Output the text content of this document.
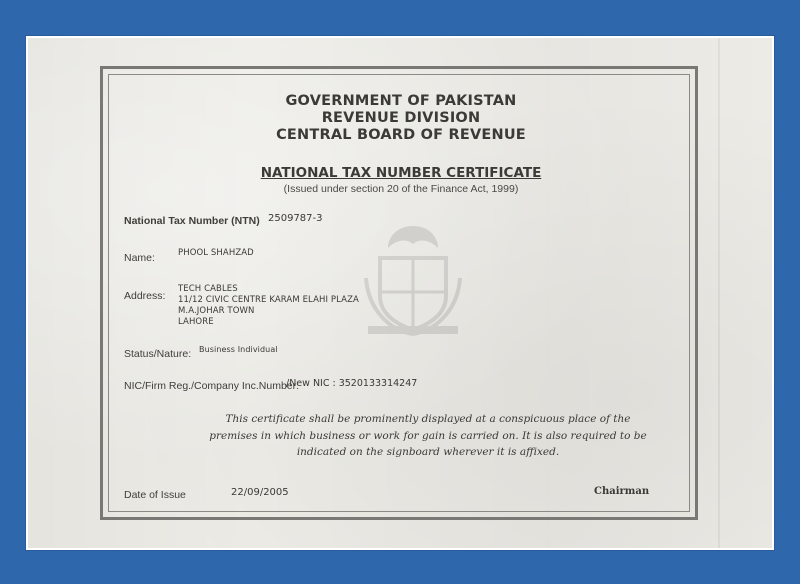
GOVERNMENT OF PAKISTAN
REVENUE DIVISION
CENTRAL BOARD OF REVENUE
NATIONAL TAX NUMBER CERTIFICATE
(Issued under section 20 of the Finance Act, 1999)
National Tax Number (NTN) 2509787-3
Name:	PHOOL SHAHZAD
Address:
TECH CABLES
11/12 CIVIC CENTRE KARAM ELAHI PLAZA
M.A.JOHAR TOWN
LAHORE
Status/Nature: Business Individual
NIC/Firm Reg./Company Inc.Number:
/New NIC : 3520133314247
This certificate shall be prominently displayed at a conspicuous place of the premises in which business or work for gain is carried on. It is also required to be indicated on the signboard wherever it is affixed.
Date of Issue	22/09/2005	Chairman
